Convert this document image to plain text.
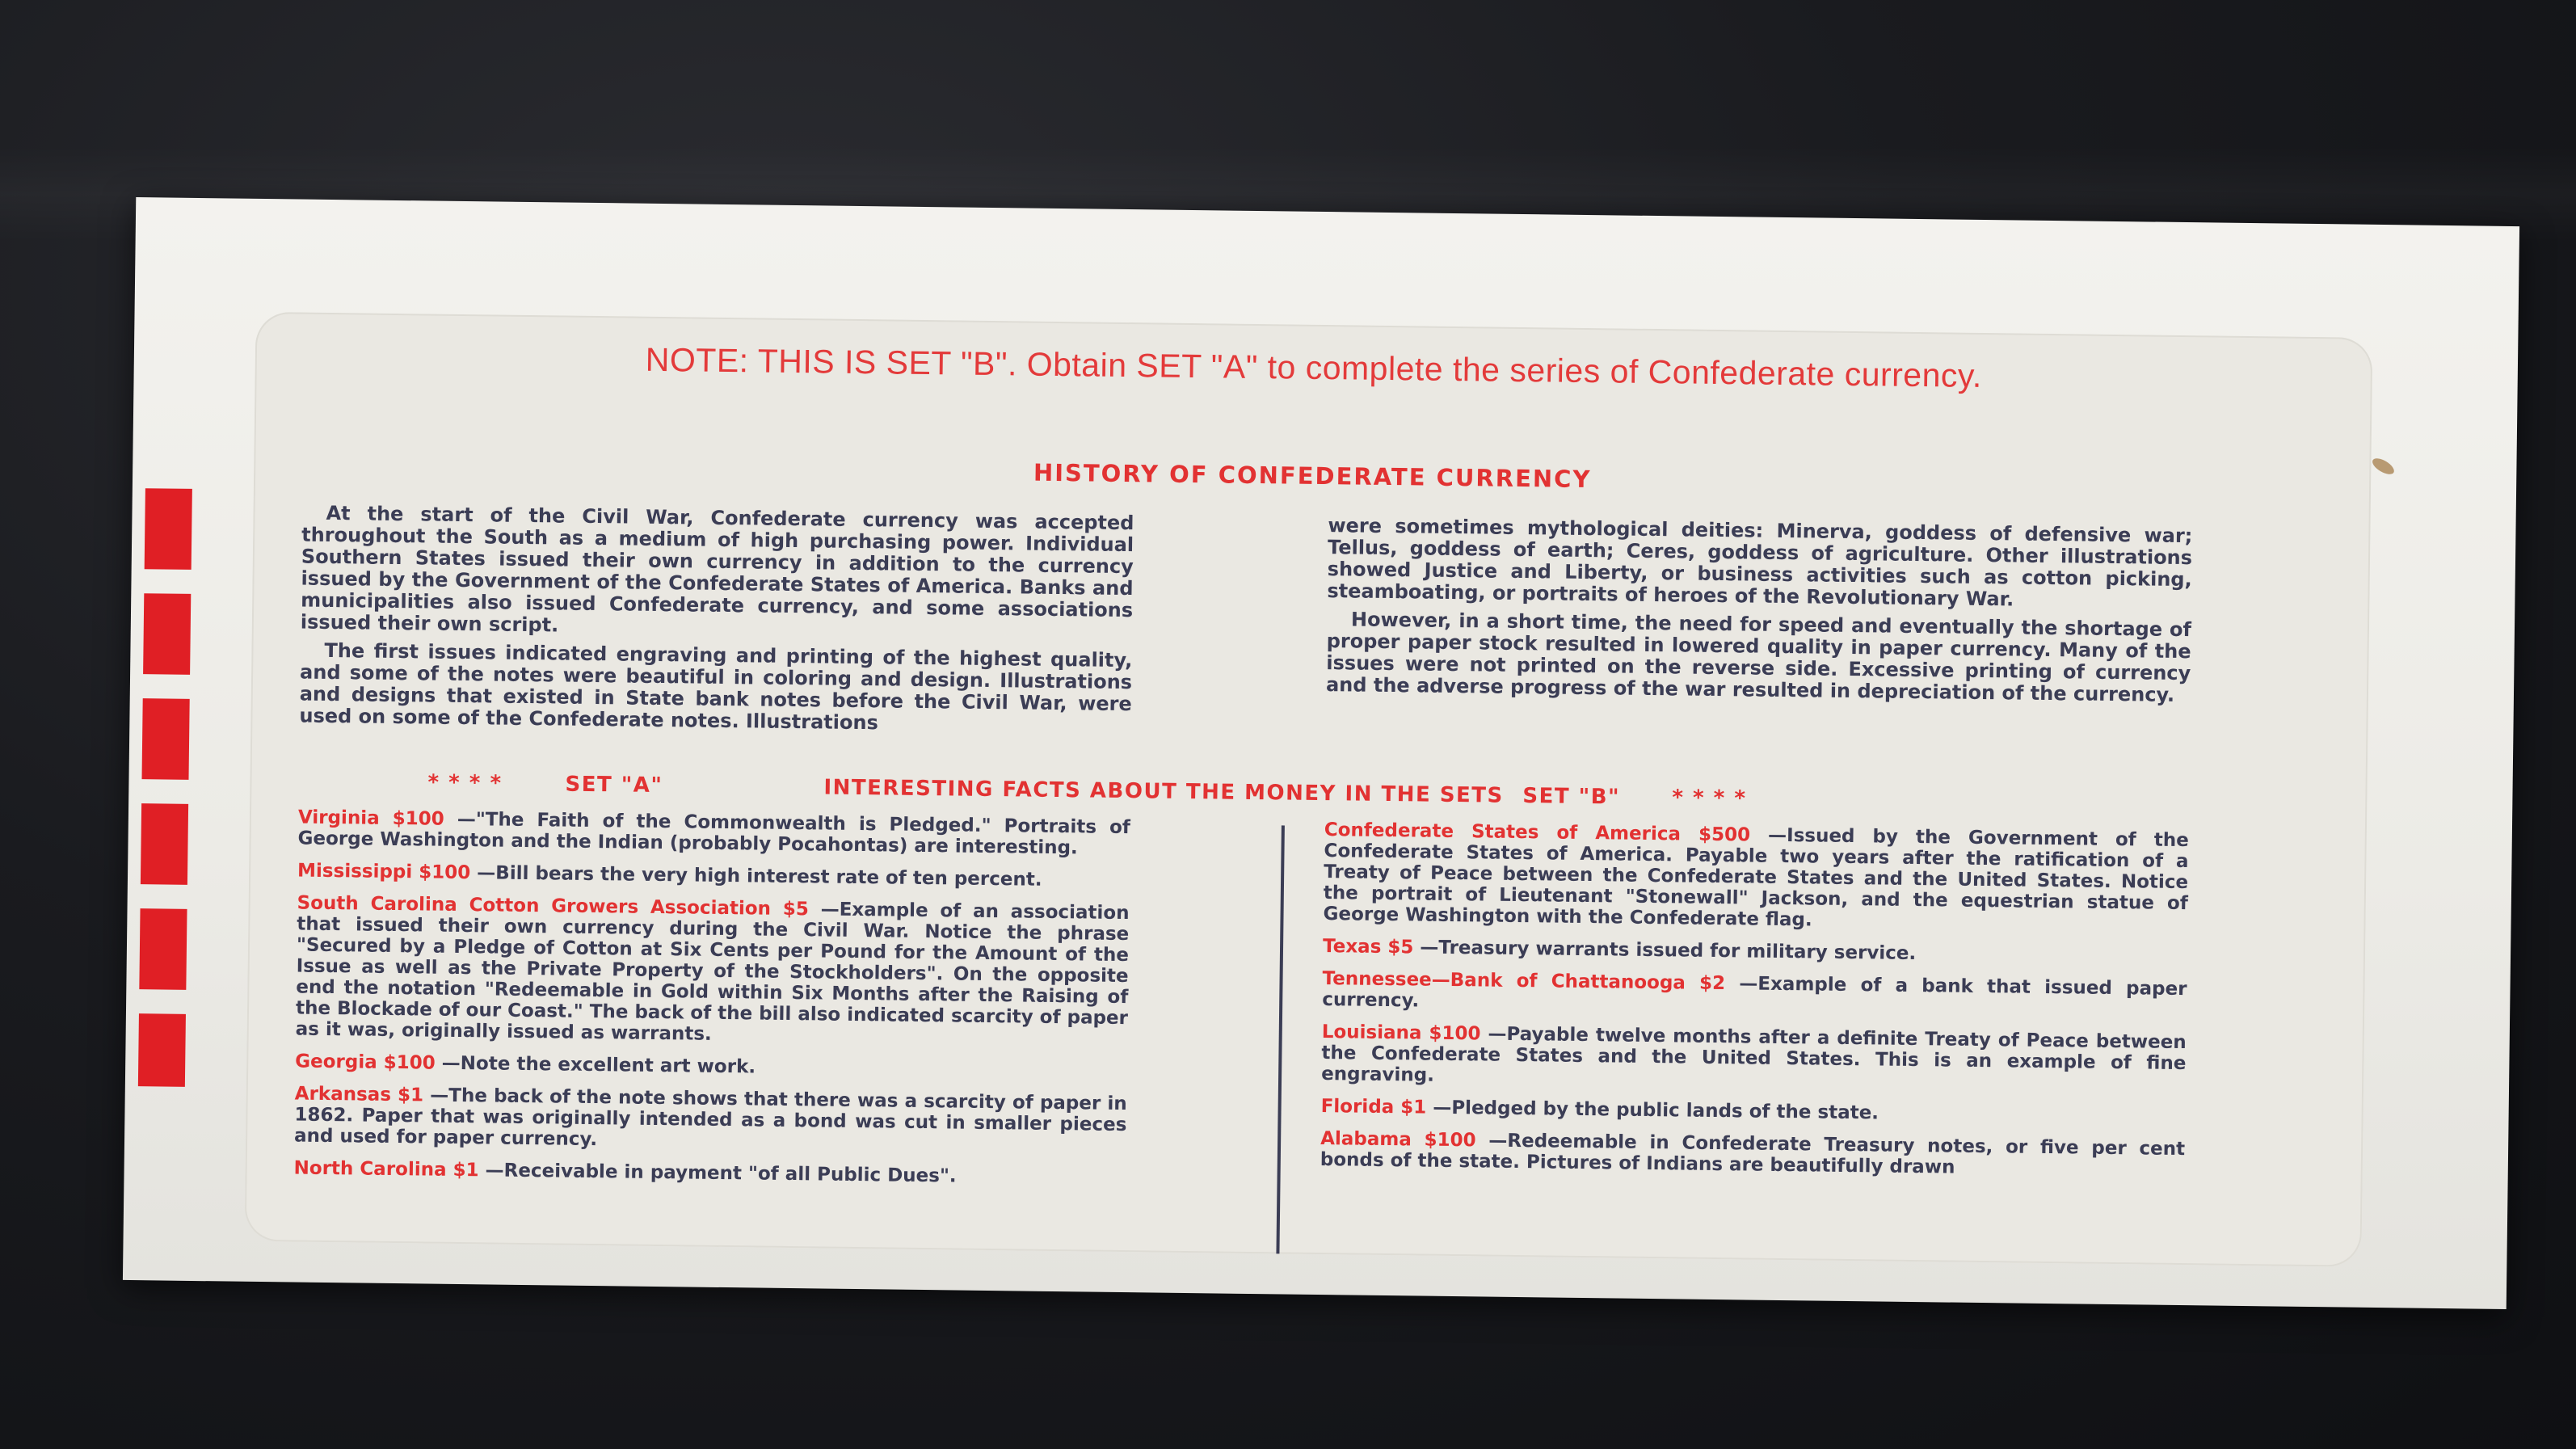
NOTE: THIS IS SET "B". Obtain SET "A" to complete the series of Confederate currency.
HISTORY OF CONFEDERATE CURRENCY

At the start of the Civil War, Confederate currency was accepted throughout the South as a medium of high purchasing power. Individual Southern States issued their own currency in addition to the currency issued by the Government of the Confederate States of America. Banks and municipalities also issued Confederate currency, and some associations issued their own script.

The first issues indicated engraving and printing of the highest quality, and some of the notes were beautiful in coloring and design. Illustrations and designs that existed in State bank notes before the Civil War, were used on some of the Confederate notes. Illustrations

were sometimes mythological deities: Minerva, goddess of defensive war; Tellus, goddess of earth; Ceres, goddess of agriculture. Other illustrations showed Justice and Liberty, or business activities such as cotton picking, steamboating, or portraits of heroes of the Revolutionary War.

However, in a short time, the need for speed and eventually the shortage of proper paper stock resulted in lowered quality in paper currency. Many of the issues were not printed on the reverse side. Excessive printing of currency and the adverse progress of the war resulted in depreciation of the currency.

* * * *	SET "A"	INTERESTING FACTS ABOUT THE MONEY IN THE SETS SET "B" * * * *
Virginia $100 —"The Faith of the Commonwealth is Pledged." Portraits of George Washington and the Indian (probably Pocahontas) are interesting.
Mississippi $100 —Bill bears the very high interest rate of ten percent.
South Carolina Cotton Growers Association $5 —Example of an association that issued their own currency during the Civil War. Notice the phrase "Secured by a Pledge of Cotton at Six Cents per Pound for the Amount of the Issue as well as the Private Property of the Stockholders". On the opposite end the notation "Redeemable in Gold within Six Months after the Raising of the Blockade of our Coast." The back of the bill also indicated scarcity of paper as it was, originally issued as warrants.
Georgia $100 —Note the excellent art work.
Arkansas $1 —The back of the note shows that there was a scarcity of paper in 1862. Paper that was originally intended as a bond was cut in smaller pieces and used for paper currency.
North Carolina $1 —Receivable in payment "of all Public Dues".
Confederate States of America $500 —Issued by the Government of the Confederate States of America. Payable two years after the ratification of a Treaty of Peace between the Confederate States and the United States. Notice the portrait of Lieutenant "Stonewall" Jackson, and the equestrian statue of George Washington with the Confederate flag.
Texas $5 —Treasury warrants issued for military service.
Tennessee—Bank of Chattanooga $2 —Example of a bank that issued paper currency.
Louisiana $100 —Payable twelve months after a definite Treaty of Peace between the Confederate States and the United States. This is an example of fine engraving.
Florida $1 —Pledged by the public lands of the state.
Alabama $100 —Redeemable in Confederate Treasury notes, or five per cent bonds of the state. Pictures of Indians are beautifully drawn
